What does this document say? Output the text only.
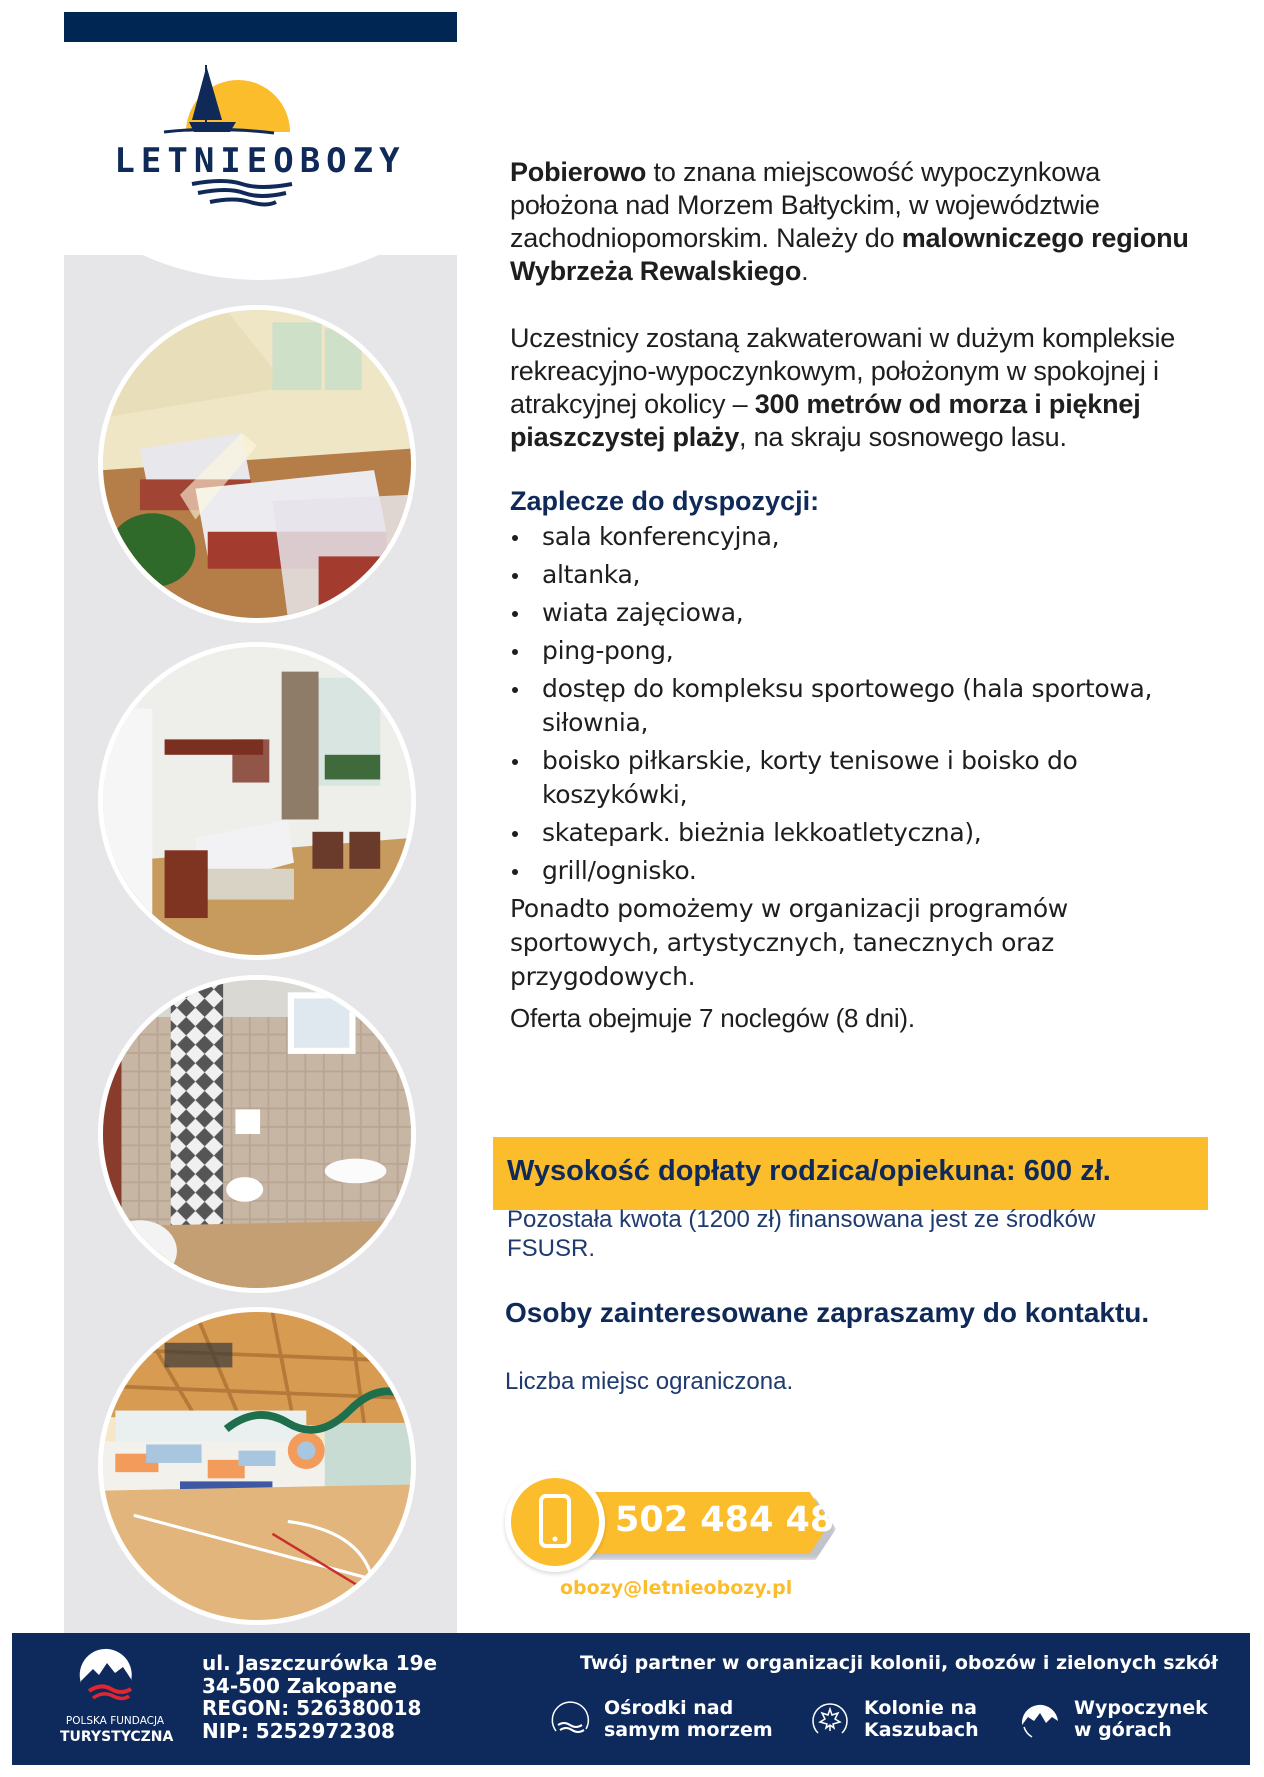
LETNIEOBOZY	Pobierowo to znana miejscowość wypoczynkowa położona nad Morzem Bałtyckim, w województwie zachodniopomorskim. Należy do malowniczego regionu Wybrzeża Rewalskiego.

Uczestnicy zostaną zakwaterowani w dużym kompleksie rekreacyjno-wypoczynkowym, położonym w spokojnej i atrakcyjnej okolicy – 300 metrów od morza i pięknej piaszczystej plaży, na skraju sosnowego lasu.

Zaplecze do dyspozycji:
sala konferencyjna,
altanka,
wiata zajęciowa,
ping-pong,
dostęp do kompleksu sportowego (hala sportowa, siłownia,
boisko piłkarskie, korty tenisowe i boisko do koszykówki,
skatepark. bieżnia lekkoatletyczna),
grill/ognisko.

Ponadto pomożemy w organizacji programów sportowych, artystycznych, tanecznych oraz przygodowych.

Oferta obejmuje 7 noclegów (8 dni).

Wysokość dopłaty rodzica/opiekuna: 600 zł.

Pozostała kwota (1200 zł) finansowana jest ze środków FSUSR.

Osoby zainteresowane zapraszamy do kontaktu.

Liczba miejsc ograniczona.

502 484 484
obozy@letnieobozy.pl
POLSKA FUNDACJA
TURYSTYCZNA
ul. Jaszczurówka 19e
34-500 Zakopane
REGON: 526380018
NIP: 5252972308
Twój partner w organizacji kolonii, obozów i zielonych szkół
Ośrodki nad
samym morzem
Kolonie na
Kaszubach
Wypoczynek
w górach
